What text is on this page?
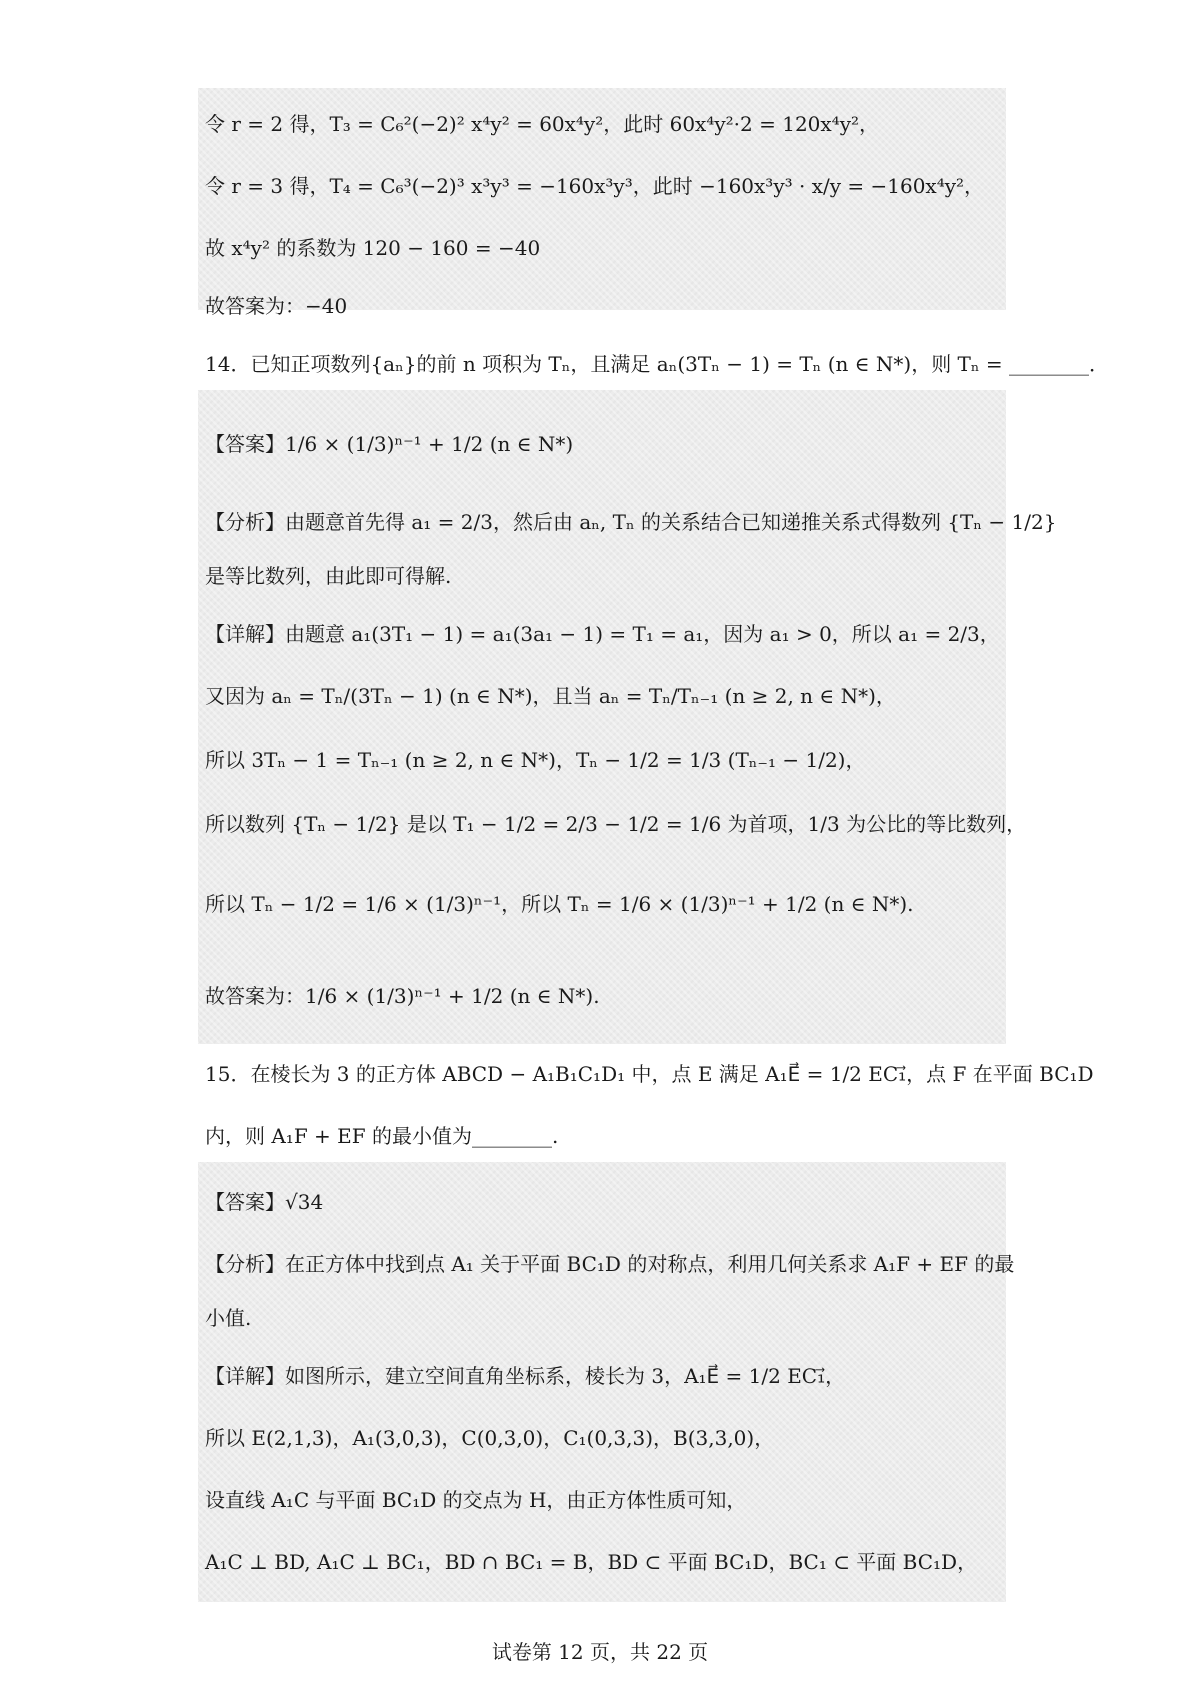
令 r = 2 得，T₃ = C₆²(−2)² x⁴y² = 60x⁴y²，此时 60x⁴y²·2 = 120x⁴y²，
令 r = 3 得，T₄ = C₆³(−2)³ x³y³ = −160x³y³，此时 −160x³y³ · x/y = −160x⁴y²，
故 x⁴y² 的系数为 120 − 160 = −40
故答案为：−40
14．已知正项数列{aₙ}的前 n 项积为 Tₙ，且满足 aₙ(3Tₙ − 1) = Tₙ (n ∈ N*)，则 Tₙ = ________．
【答案】1/6 × (1/3)ⁿ⁻¹ + 1/2 (n ∈ N*)
【分析】由题意首先得 a₁ = 2/3，然后由 aₙ, Tₙ 的关系结合已知递推关系式得数列 {Tₙ − 1/2}
是等比数列，由此即可得解.
【详解】由题意 a₁(3T₁ − 1) = a₁(3a₁ − 1) = T₁ = a₁，因为 a₁ > 0，所以 a₁ = 2/3，
又因为 aₙ = Tₙ/(3Tₙ − 1) (n ∈ N*)，且当 aₙ = Tₙ/Tₙ₋₁ (n ≥ 2, n ∈ N*)，
所以 3Tₙ − 1 = Tₙ₋₁ (n ≥ 2, n ∈ N*)，Tₙ − 1/2 = 1/3 (Tₙ₋₁ − 1/2)，
所以数列 {Tₙ − 1/2} 是以 T₁ − 1/2 = 2/3 − 1/2 = 1/6 为首项，1/3 为公比的等比数列，
所以 Tₙ − 1/2 = 1/6 × (1/3)ⁿ⁻¹，所以 Tₙ = 1/6 × (1/3)ⁿ⁻¹ + 1/2 (n ∈ N*).
故答案为：1/6 × (1/3)ⁿ⁻¹ + 1/2 (n ∈ N*).
15．在棱长为 3 的正方体 ABCD − A₁B₁C₁D₁ 中，点 E 满足 A₁E⃗ = 1/2 EC₁⃗，点 F 在平面 BC₁D
内，则 A₁F + EF 的最小值为________.
【答案】√34
【分析】在正方体中找到点 A₁ 关于平面 BC₁D 的对称点，利用几何关系求 A₁F + EF 的最
小值.
【详解】如图所示，建立空间直角坐标系，棱长为 3，A₁E⃗ = 1/2 EC₁⃗，
所以 E(2,1,3)，A₁(3,0,3)，C(0,3,0)，C₁(0,3,3)，B(3,3,0)，
设直线 A₁C 与平面 BC₁D 的交点为 H，由正方体性质可知，
A₁C ⊥ BD, A₁C ⊥ BC₁，BD ∩ BC₁ = B，BD ⊂ 平面 BC₁D，BC₁ ⊂ 平面 BC₁D，
试卷第 12 页，共 22 页
